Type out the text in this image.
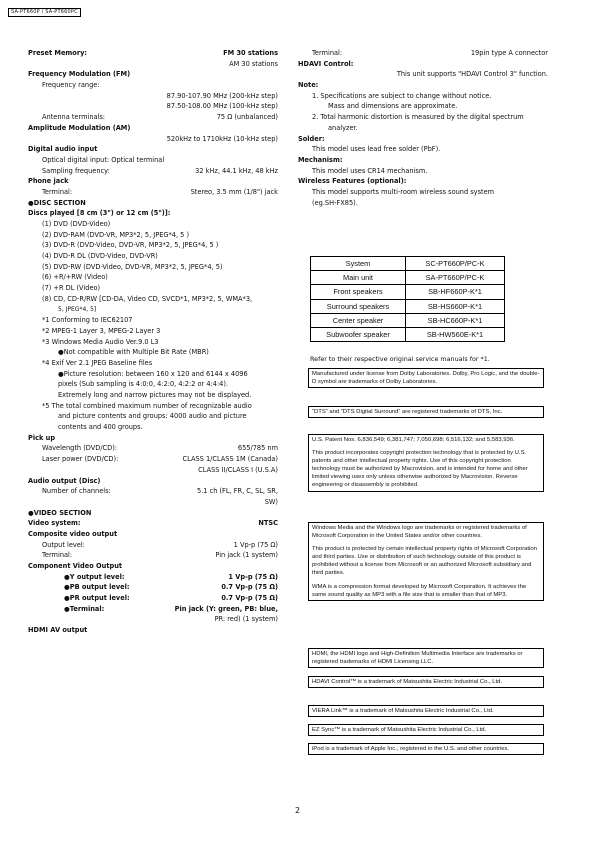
SA-PT660P / SA-PT660PC
Preset Memory:	FM 30 stations
AM 30 stations
Frequency Modulation (FM)
Frequency range:
87.90-107.90 MHz (200-kHz step)
87.50-108.00 MHz (100-kHz step)
Antenna terminals:	75 Ω (unbalanced)
Amplitude Modulation (AM)
520kHz to 1710kHz (10-kHz step)
Digital audio input
Optical digital input: Optical terminal
Sampling frequency:	32 kHz, 44.1 kHz, 48 kHz
Phone jack
Terminal:	Stereo, 3.5 mm (1/8") jack
●DISC SECTION
Discs played [8 cm (3") or 12 cm (5")]:
(1) DVD (DVD-Video)
(2) DVD-RAM (DVD-VR, MP3*2, 5, JPEG*4, 5 )
(3) DVD-R (DVD-Video, DVD-VR, MP3*2, 5, JPEG*4, 5 )
(4) DVD-R DL (DVD-Video, DVD-VR)
(5) DVD-RW (DVD-Video, DVD-VR, MP3*2, 5, JPEG*4, 5)
(6) +R/+RW (Video)
(7) +R DL (Video)
(8) CD, CD-R/RW [CD-DA, Video CD, SVCD*1, MP3*2, 5, WMA*3,
5, JPEG*4, 5]
*1 Conforming to IEC62107
*2 MPEG-1 Layer 3, MPEG-2 Layer 3
*3 Windows Media Audio Ver.9.0 L3
●Not compatible with Multiple Bit Rate (MBR)
*4 Exif Ver 2.1 JPEG Baseline files
●Picture resolution: between 160 x 120 and 6144 x 4096
pixels (Sub sampling is 4:0:0, 4:2:0, 4:2:2 or 4:4:4).
Extremely long and narrow pictures may not be displayed.
*5 The total combined maximum number of recognizable audio
and picture contents and groups: 4000 audio and picture
contents and 400 groups.
Pick up
Wavelength (DVD/CD):	655/785 nm
Laser power (DVD/CD):	CLASS 1/CLASS 1M (Canada)
CLASS II/CLASS I (U.S.A)
Audio output (Disc)
Number of channels:	5.1 ch (FL, FR, C, SL, SR,
SW)
●VIDEO SECTION
Video system:	NTSC
Composite video output
Output level:	1 Vp-p (75 Ω)
Terminal:	Pin jack (1 system)
Component Video Output
●Y output level:	1 Vp-p (75 Ω)
●PB output level:	0.7 Vp-p (75 Ω)
●PR output level:	0.7 Vp-p (75 Ω)
●Terminal:	Pin jack (Y: green, PB: blue,
PR: red) (1 system)
HDMI AV output
Terminal:	19pin type A connector
HDAVI Control:
This unit supports "HDAVI Control 3" function.
Note:
1. Specifications are subject to change without notice.
Mass and dimensions are approximate.
2. Total harmonic distortion is measured by the digital spectrum
analyzer.
Solder:
This model uses lead free solder (PbF).
Mechanism:
This model uses CR14 mechanism.
Wireless Features (optional):
This model supports multi-room wireless sound system
(eg.SH-FX85).
System	SC-PT660P/PC-K
Main unit	SA-PT660P/PC-K
Front speakers	SB-HF660P-K*1
Surround speakers	SB-HS660P-K*1
Center speaker	SB-HC660P-K*1
Subwoofer speaker	SB-HW560E-K*1
Refer to their respective original service manuals for *1.

Manufactured under license from Dolby Laboratories. Dolby, Pro Logic, and the double-D symbol are trademarks of Dolby Laboratories.

“DTS” and “DTS Digital Surround” are registered trademarks of DTS, Inc.

U.S. Patent Nos. 6,836,549; 6,381,747; 7,050,698; 6,516,132; and 5,583,936.

This product incorporates copyright protection technology that is protected by U.S. patents and other intellectual property rights. Use of this copyright protection technology must be authorized by Macrovision, and is intended for home and other limited viewing uses only unless otherwise authorized by Macrovision. Reverse engineering or disassembly is prohibited.

Windows Media and the Windows logo are trademarks or registered trademarks of Microsoft Corporation in the United States and/or other countries.

This product is protected by certain intellectual property rights of Microsoft Corporation and third parties. Use or distribution of such technology outside of this product is prohibited without a license from Microsoft or an authorized Microsoft subsidiary and third parties.

WMA is a compression format developed by Microsoft Corporation. It achieves the same sound quality as MP3 with a file size that is smaller than that of MP3.

HDMI, the HDMI logo and High-Definition Multimedia Interface are trademarks or registered trademarks of HDMI Licensing LLC.

HDAVI Control™ is a trademark of Matsushita Electric Industrial Co., Ltd.

VIERA Link™ is a trademark of Matsushita Electric Industrial Co., Ltd.

EZ Sync™ is a trademark of Matsushita Electric Industrial Co., Ltd.

iPod is a trademark of Apple Inc., registered in the U.S. and other countries.

2
